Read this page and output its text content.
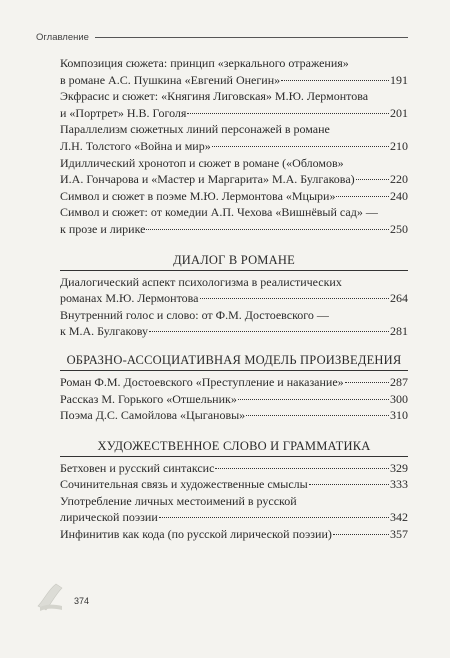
Оглавление
Композиция сюжета: принцип «зеркального отражения»
в романе А.С. Пушкина «Евгений Онегин»	191
Экфрасис и сюжет: «Княгиня Лиговская» М.Ю. Лермонтова
и «Портрет» Н.В. Гоголя	201
Параллелизм сюжетных линий персонажей в романе
Л.Н. Толстого «Война и мир»	210
Идиллический хронотоп и сюжет в романе («Обломов»
И.А. Гончарова и «Мастер и Маргарита» М.А. Булгакова)	220
Символ и сюжет в поэме М.Ю. Лермонтова «Мцыри»	240
Символ и сюжет: от комедии А.П. Чехова «Вишнёвый сад» —
к прозе и лирике	250
ДИАЛОГ В РОМАНЕ
Диалогический аспект психологизма в реалистических
романах М.Ю. Лермонтова	264
Внутренний голос и слово: от Ф.М. Достоевского —
к М.А. Булгакову	281
ОБРАЗНО-АССОЦИАТИВНАЯ МОДЕЛЬ ПРОИЗВЕДЕНИЯ
Роман Ф.М. Достоевского «Преступление и наказание»	287
Рассказ М. Горького «Отшельник»	300
Поэма Д.С. Самойлова «Цыгановы»	310
ХУДОЖЕСТВЕННОЕ СЛОВО И ГРАММАТИКА
Бетховен и русский синтаксис	329
Сочинительная связь и художественные смыслы	333
Употребление личных местоимений в русской
лирической поэзии	342
Инфинитив как кода (по русской лирической поэзии)	357
374
